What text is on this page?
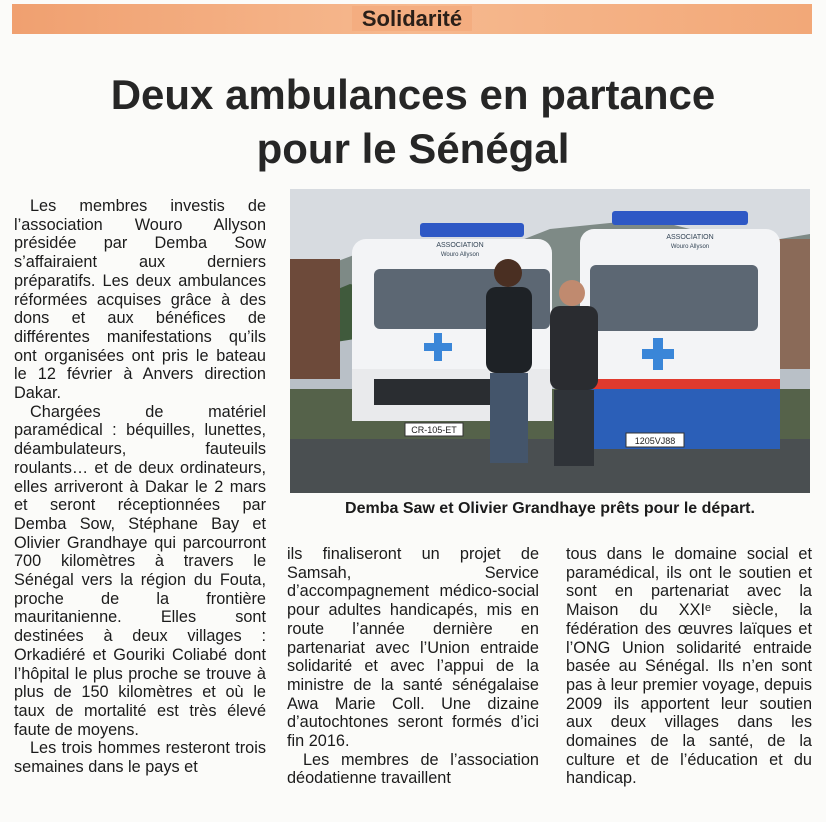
Solidarité
Deux ambulances en partance
pour le Sénégal

Les membres investis de l’association Wouro Allyson présidée par Demba Sow s’affairaient aux derniers préparatifs. Les deux ambulances réformées acquises grâce à des dons et aux bénéfices de différentes manifestations qu’ils ont organisées ont pris le bateau le 12 février à Anvers direction Dakar.

Chargées de matériel paramédical : béquilles, lunettes, déambulateurs, fauteuils roulants… et de deux ordinateurs, elles arriveront à Dakar le 2 mars et seront réceptionnées par Demba Sow, Stéphane Bay et Olivier Grandhaye qui parcourront 700 kilomètres à travers le Sénégal vers la région du Fouta, proche de la frontière mauritanienne. Elles sont destinées à deux villages : Orkadiéré et Gouriki Coliabé dont l’hôpital le plus proche se trouve à plus de 150 kilomètres et où le taux de mortalité est très élevé faute de moyens.

Les trois hommes resteront trois semaines dans le pays et

CR-105-ET
ASSOCIATION
Wouro Allyson
1205VJ88
ASSOCIATION
Wouro Allyson
Demba Saw et Olivier Grandhaye prêts pour le départ.

ils finaliseront un projet de Samsah, Service d’accompagnement médico-social pour adultes handicapés, mis en route l’année dernière en partenariat avec l’Union entraide solidarité et avec l’appui de la ministre de la santé sénégalaise Awa Marie Coll. Une dizaine d’autochtones seront formés d’ici fin 2016.

Les membres de l’association déodatienne travaillent

tous dans le domaine social et paramédical, ils ont le soutien et sont en partenariat avec la Maison du XXIᵉ siècle, la fédération des œuvres laïques et l’ONG Union solidarité entraide basée au Sénégal. Ils n’en sont pas à leur premier voyage, depuis 2009 ils apportent leur soutien aux deux villages dans les domaines de la santé, de la culture et de l’éducation et du handicap.
